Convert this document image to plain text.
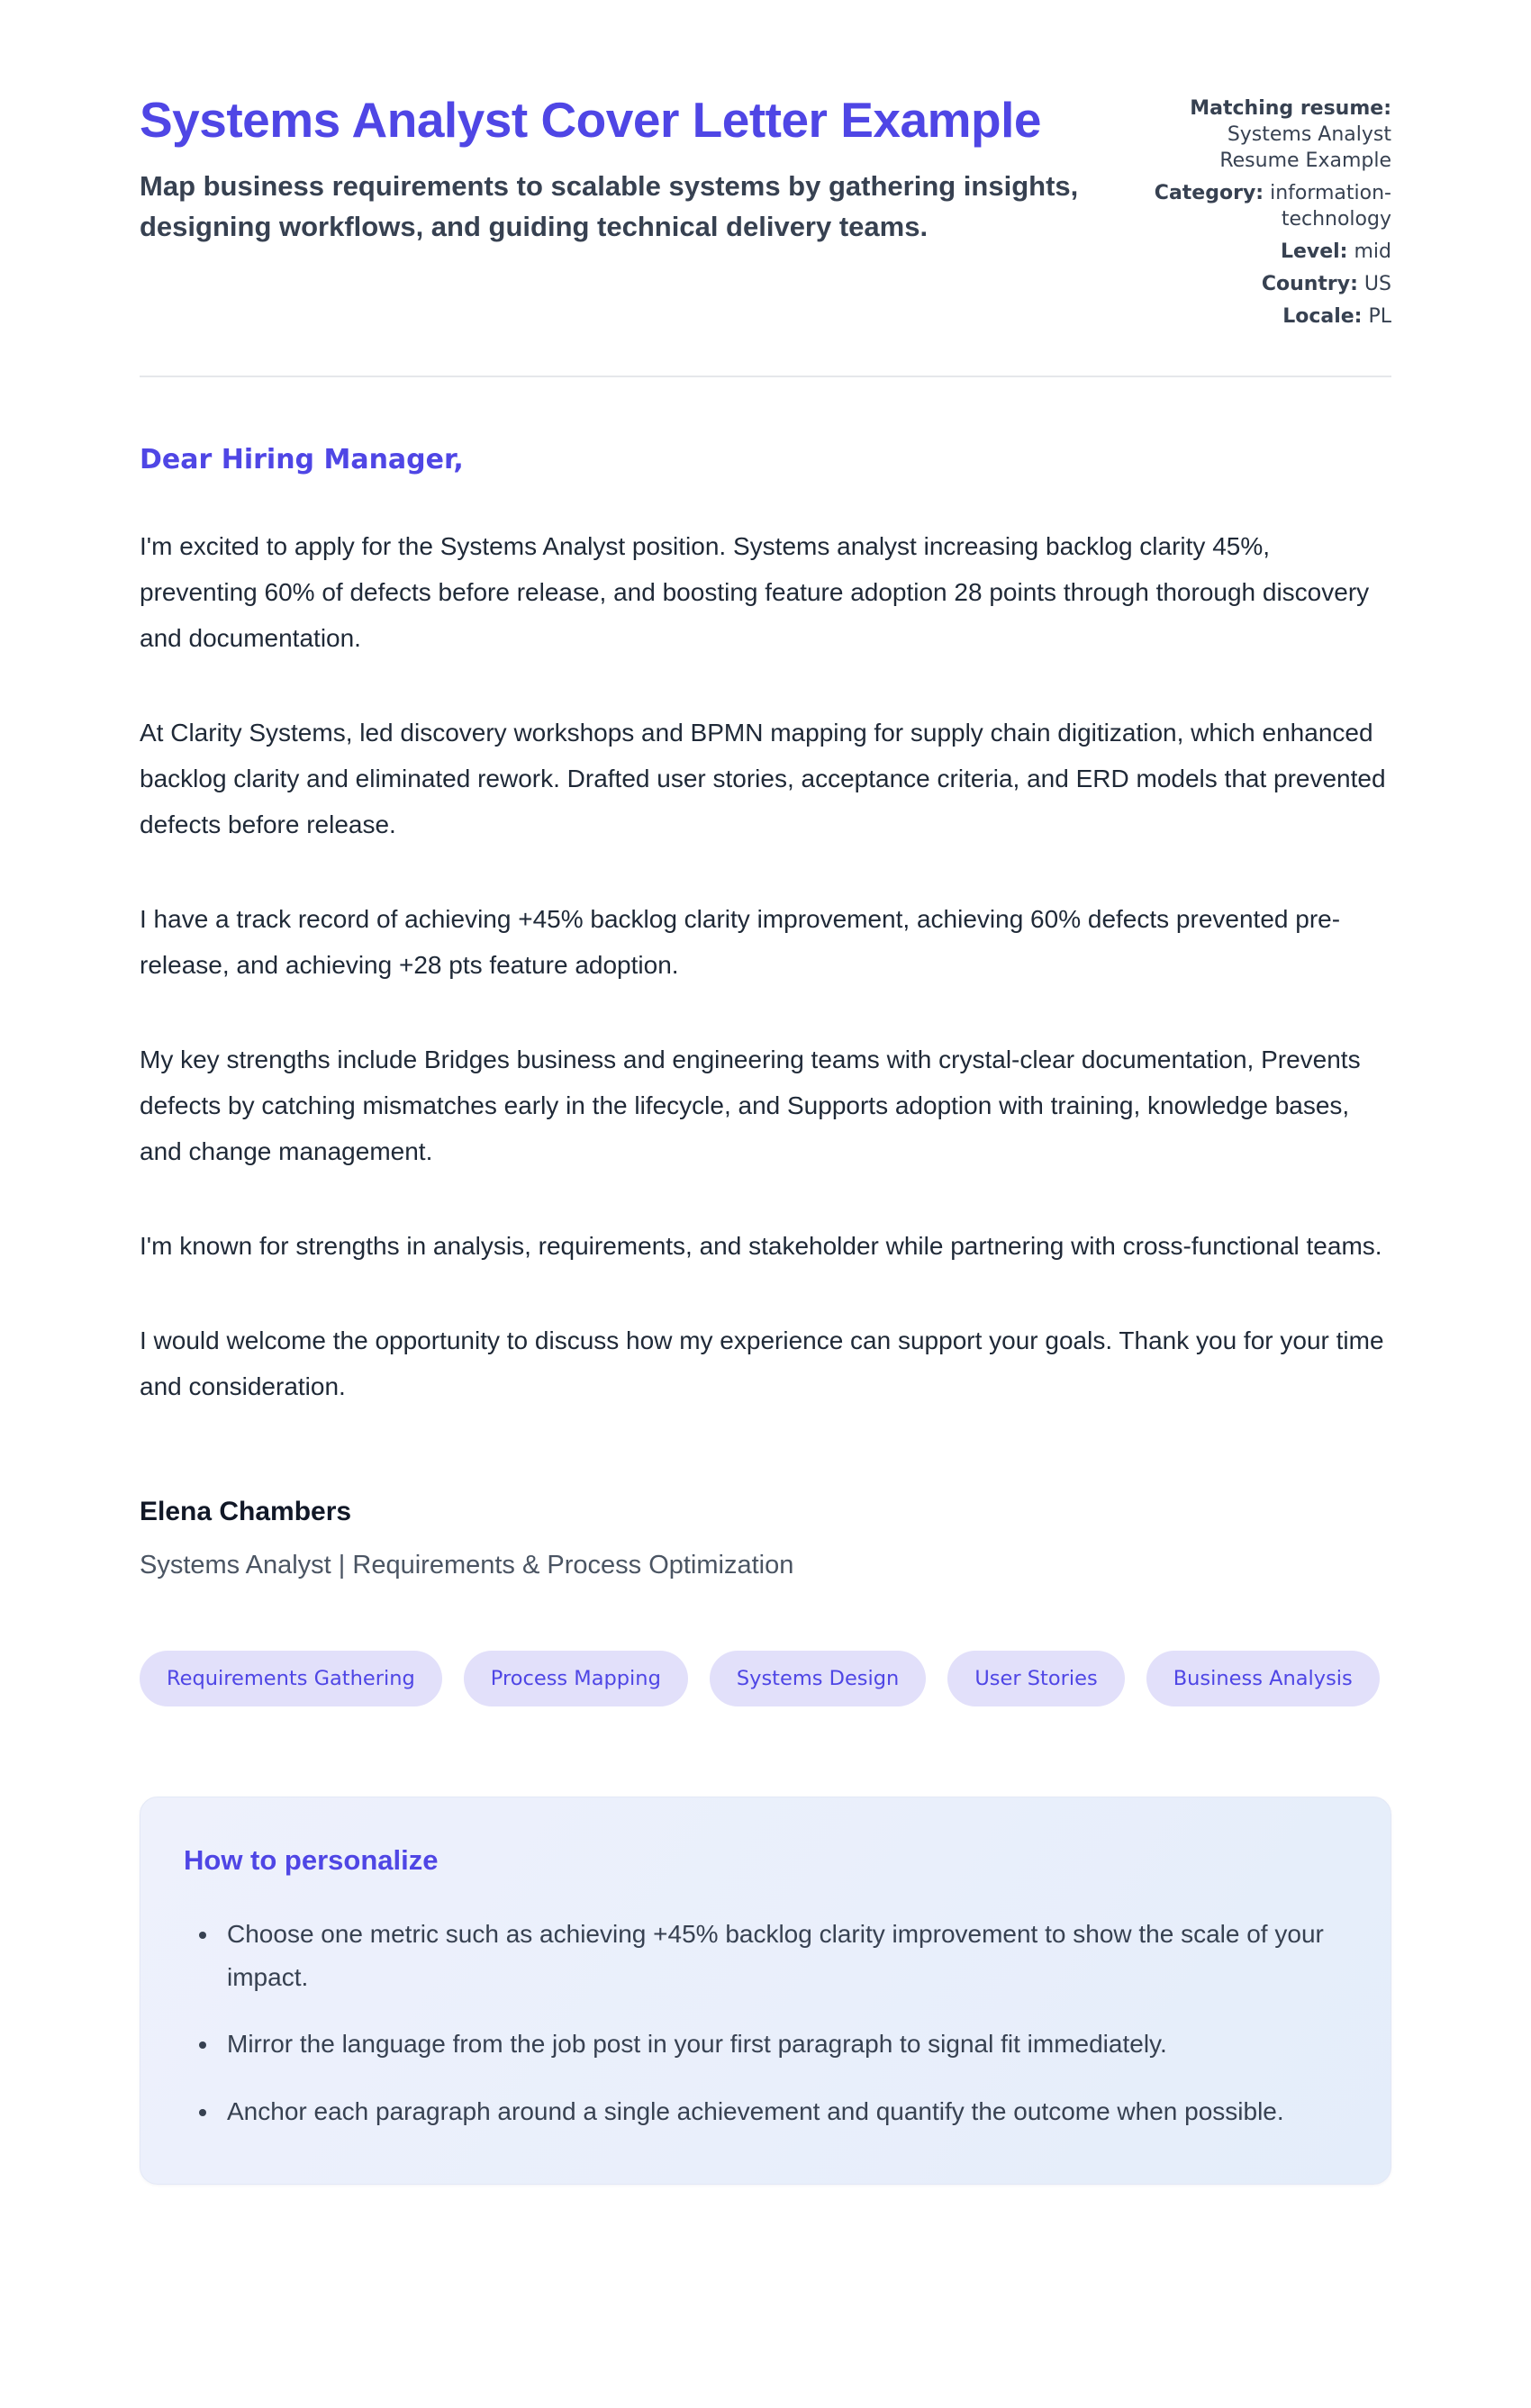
Systems Analyst Cover Letter Example

Map business requirements to scalable systems by gathering insights, designing workflows, and guiding technical delivery teams.

Matching resume: Systems Analyst Resume Example
Category: information-technology
Level: mid
Country: US
Locale: PL
Dear Hiring Manager,

I'm excited to apply for the Systems Analyst position. Systems analyst increasing backlog clarity 45%, preventing 60% of defects before release, and boosting feature adoption 28 points through thorough discovery and documentation.

At Clarity Systems, led discovery workshops and BPMN mapping for supply chain digitization, which enhanced backlog clarity and eliminated rework. Drafted user stories, acceptance criteria, and ERD models that prevented defects before release.

I have a track record of achieving +45% backlog clarity improvement, achieving 60% defects prevented pre-release, and achieving +28 pts feature adoption.

My key strengths include Bridges business and engineering teams with crystal-clear documentation, Prevents defects by catching mismatches early in the lifecycle, and Supports adoption with training, knowledge bases, and change management.

I'm known for strengths in analysis, requirements, and stakeholder while partnering with cross-functional teams.

I would welcome the opportunity to discuss how my experience can support your goals. Thank you for your time and consideration.

Elena Chambers
Systems Analyst | Requirements & Process Optimization
Requirements Gathering	Process Mapping	Systems Design	User Stories	Business Analysis
How to personalize
• Choose one metric such as achieving +45% backlog clarity improvement to show the scale of your impact.
• Mirror the language from the job post in your first paragraph to signal fit immediately.
• Anchor each paragraph around a single achievement and quantify the outcome when possible.
